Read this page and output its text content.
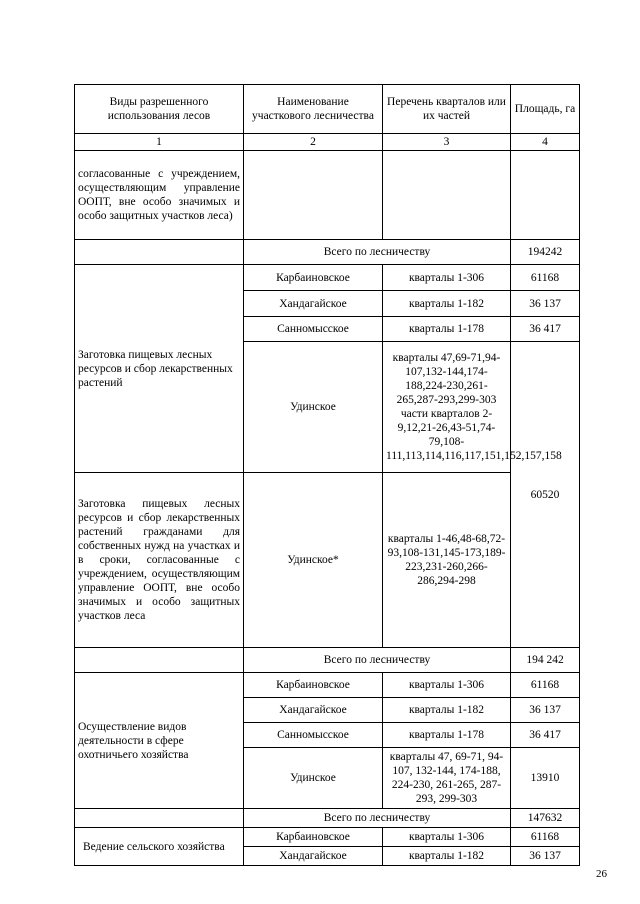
Виды разрешенного использования лесов	Наименование участкового лесничества	Перечень кварталов или их частей	Площадь, га
1	2	3	4
согласованные с учреждением, осуществляющим управление ООПТ, вне особо значимых и особо защитных участков леса)			
	Всего по лесничеству		194242
Заготовка пищевых лесных ресурсов и сбор лекарственных растений	Карбаиновское	кварталы 1-306	61168
	Хандагайское	кварталы 1-182	36 137
	Санномысское	кварталы 1-178	36 417
	Удинское	кварталы 47,69-71,94-107,132-144,174-188,224-230,261-265,287-293,299-303 части кварталов 2-9,12,21-26,43-51,74-79,108-111,113,114,116,117,151,152,157,158	60520
Заготовка пищевых лесных ресурсов и сбор лекарственных растений гражданами для собственных нужд на участках и в сроки, согласованные с учреждением, осуществляющим управление ООПТ, вне особо значимых и особо защитных участков леса	Удинское*	кварталы 1-46,48-68,72-93,108-131,145-173,189-223,231-260,266-286,294-298	
	Всего по лесничеству		194 242
Осуществление видов деятельности в сфере охотничьего хозяйства	Карбаиновское	кварталы 1-306	61168
	Хандагайское	кварталы 1-182	36 137
	Санномысское	кварталы 1-178	36 417
	Удинское	кварталы 47, 69-71, 94-107, 132-144, 174-188, 224-230, 261-265, 287-293, 299-303	13910
	Всего по лесничеству		147632
Ведение сельского хозяйства	Карбаиновское	кварталы 1-306	61168
	Хандагайское	кварталы 1-182	36 137
26
